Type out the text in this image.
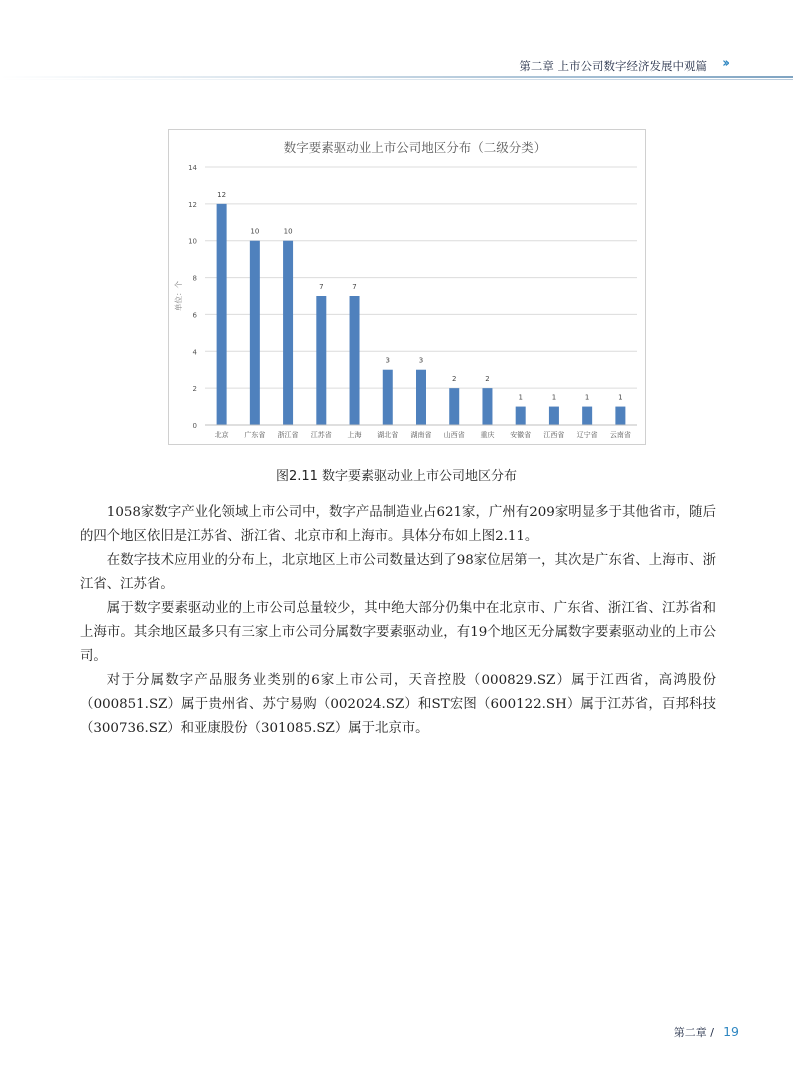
第二章 上市公司数字经济发展中观篇 ››
数字要素驱动业上市公司地区分布（二级分类）
0
2
4
6
8
10
12
14
单位：个
12
北京
10
广东省
10
浙江省
7
江苏省
7
上海
3
湖北省
3
湖南省
2
山西省
2
重庆
1
安徽省
1
江西省
1
辽宁省
1
云南省
图2.11 数字要素驱动业上市公司地区分布

1058家数字产业化领域上市公司中，数字产品制造业占621家，广州有209家明显多于其他省市，随后的四个地区依旧是江苏省、浙江省、北京市和上海市。具体分布如上图2.11。

在数字技术应用业的分布上，北京地区上市公司数量达到了98家位居第一，其次是广东省、上海市、浙江省、江苏省。

属于数字要素驱动业的上市公司总量较少，其中绝大部分仍集中在北京市、广东省、浙江省、江苏省和上海市。其余地区最多只有三家上市公司分属数字要素驱动业，有19个地区无分属数字要素驱动业的上市公司。

对于分属数字产品服务业类别的6家上市公司，天音控股（000829.SZ）属于江西省，高鸿股份（000851.SZ）属于贵州省、苏宁易购（002024.SZ）和ST宏图（600122.SH）属于江苏省，百邦科技（300736.SZ）和亚康股份（301085.SZ）属于北京市。

第二章 / 19
